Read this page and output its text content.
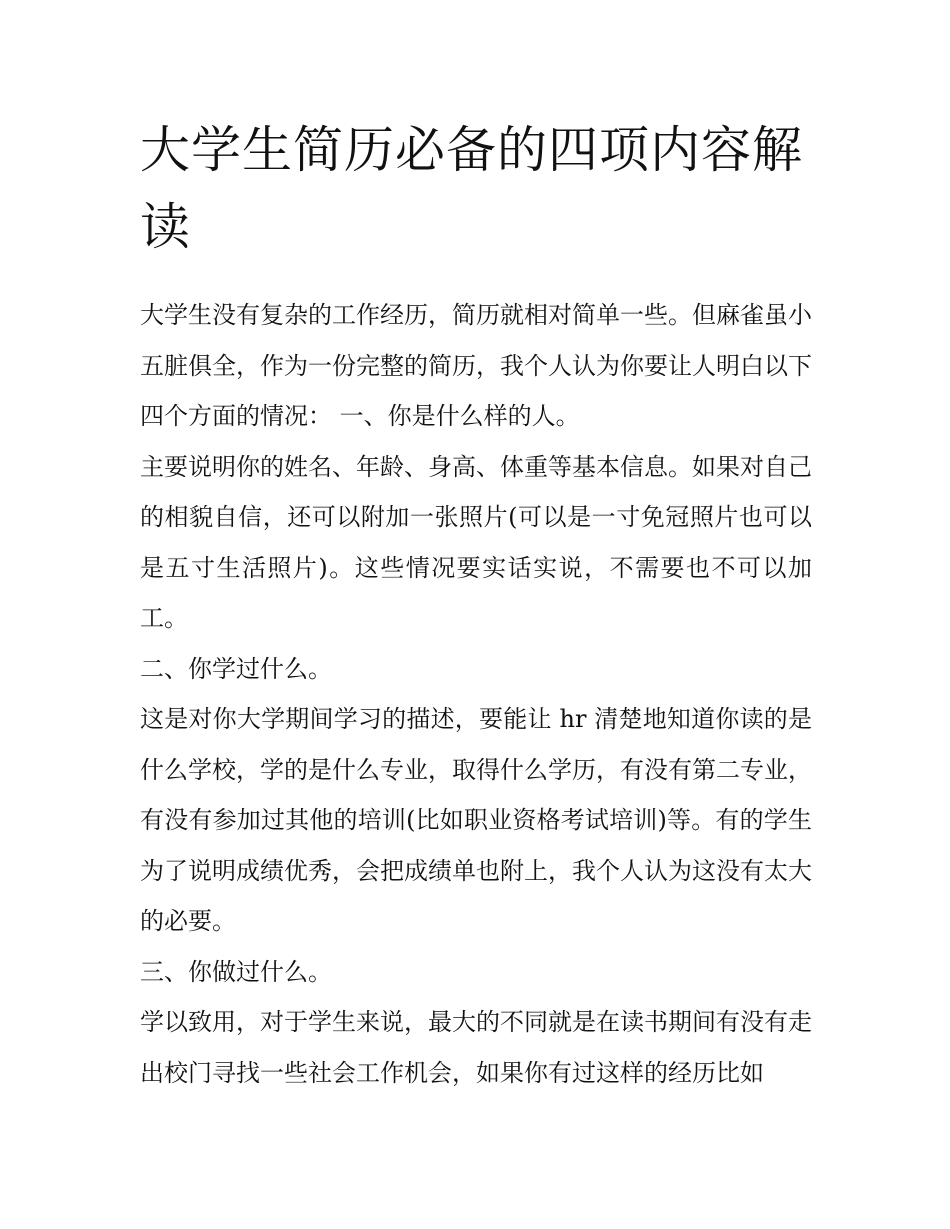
大学生简历必备的四项内容解读

大学生没有复杂的工作经历，简历就相对简单一些。但麻雀虽小五脏俱全，作为一份完整的简历，我个人认为你要让人明白以下四个方面的情况： 一、你是什么样的人。

主要说明你的姓名、年龄、身高、体重等基本信息。如果对自己的相貌自信，还可以附加一张照片(可以是一寸免冠照片也可以是五寸生活照片)。这些情况要实话实说，不需要也不可以加工。

二、你学过什么。

这是对你大学期间学习的描述，要能让 hr 清楚地知道你读的是什么学校，学的是什么专业，取得什么学历，有没有第二专业，有没有参加过其他的培训(比如职业资格考试培训)等。有的学生为了说明成绩优秀，会把成绩单也附上，我个人认为这没有太大的必要。

三、你做过什么。

学以致用，对于学生来说，最大的不同就是在读书期间有没有走出校门寻找一些社会工作机会，如果你有过这样的经历比如
